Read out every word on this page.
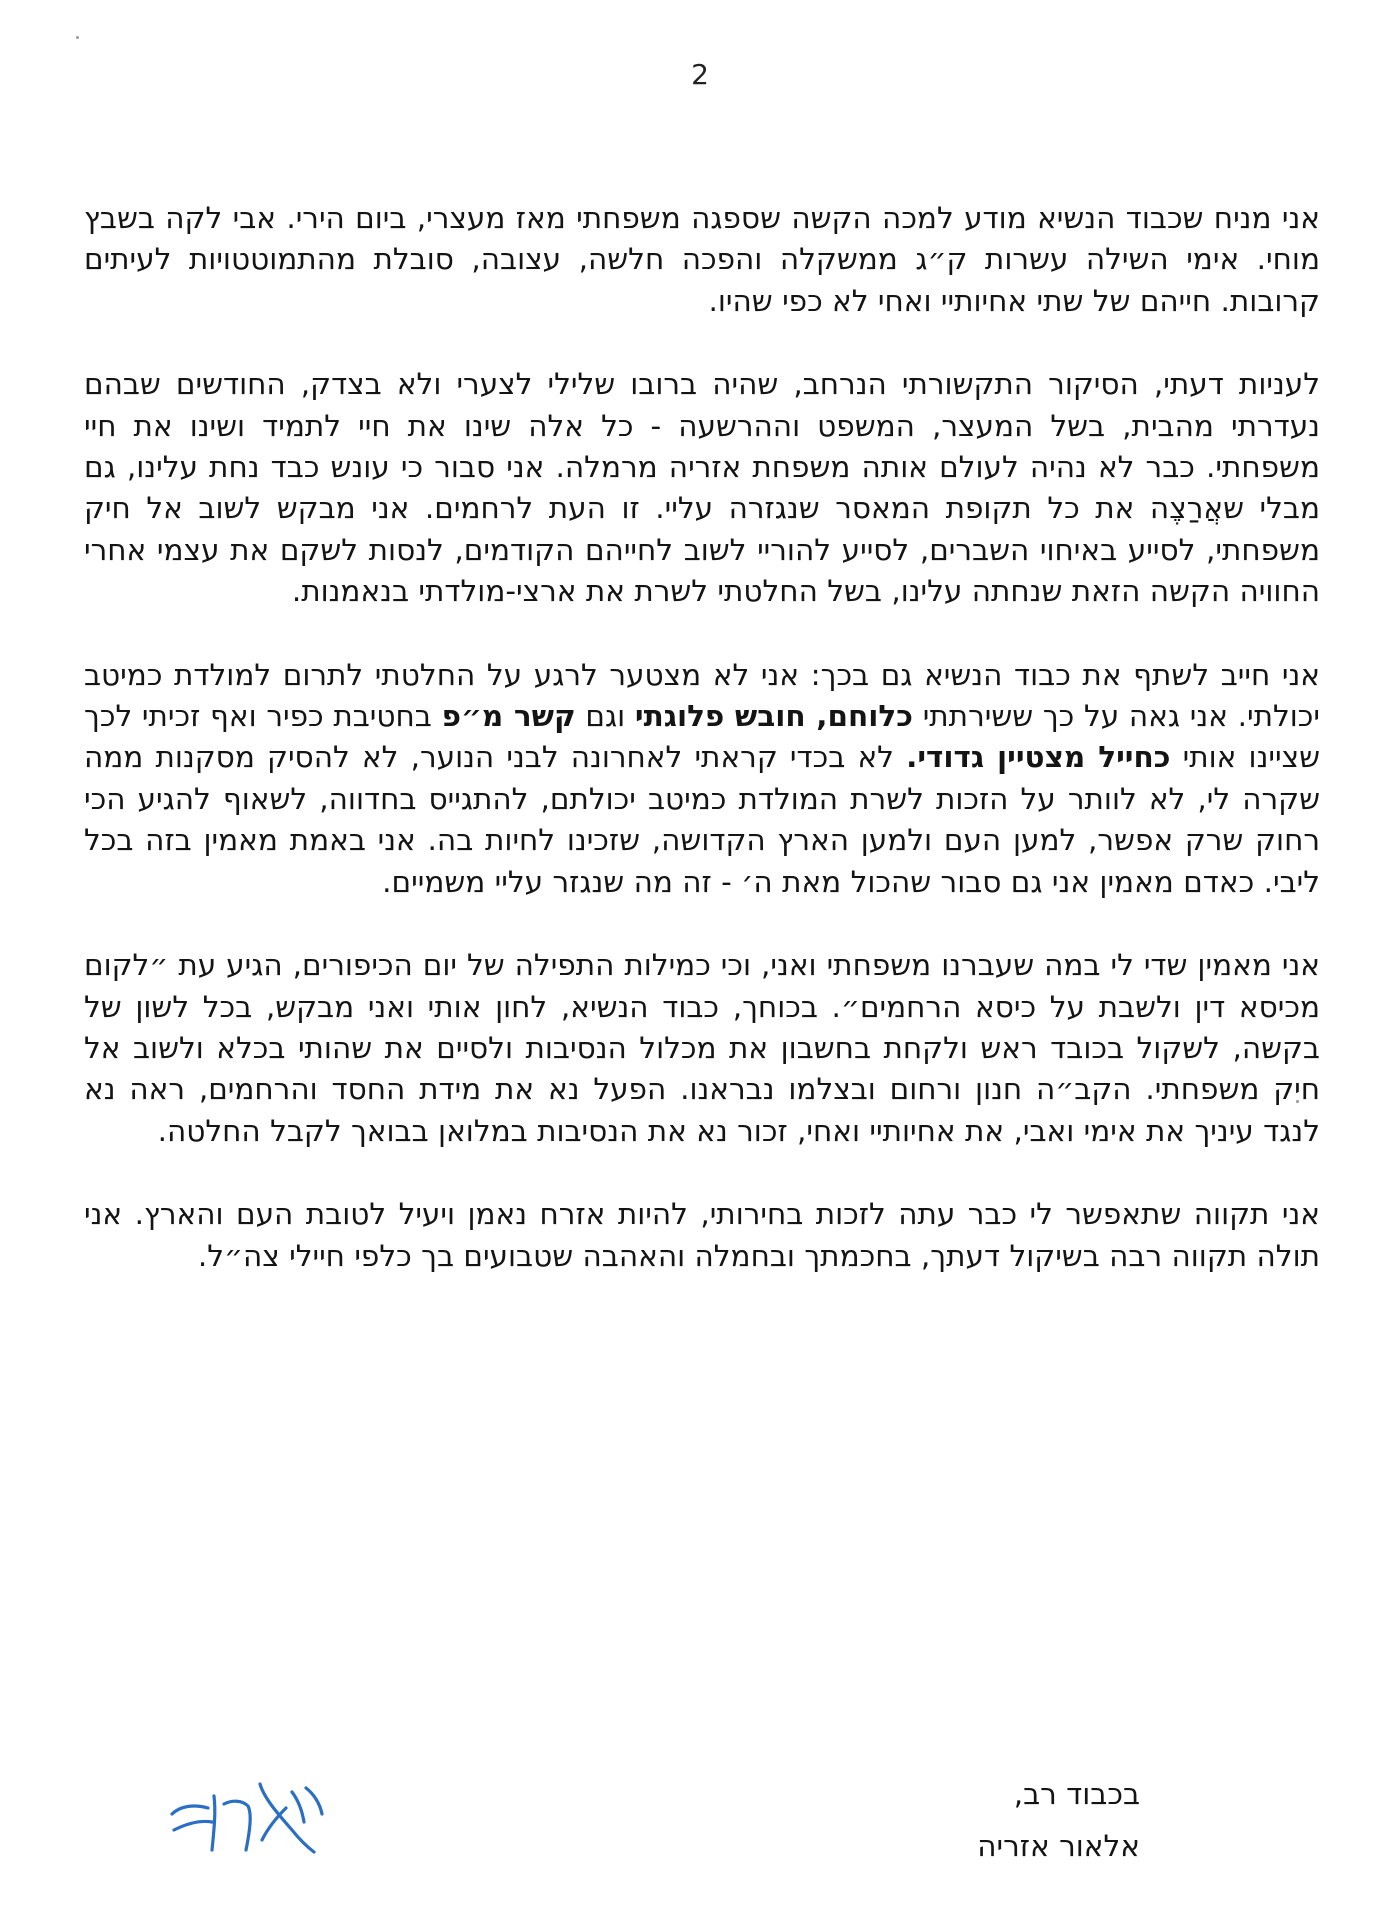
2

אני מניח שכבוד הנשיא מודע למכה הקשה שספגה משפחתי מאז מעצרי, ביום הירי. אבי לקה בשבץ מוחי. אימי השילה עשרות ק״ג ממשקלה והפכה חלשה, עצובה, סובלת מהתמוטטויות לעיתים קרובות. חייהם של שתי אחיותיי ואחי לא כפי שהיו.

לעניות דעתי, הסיקור התקשורתי הנרחב, שהיה ברובו שלילי לצערי ולא בצדק, החודשים שבהם נעדרתי מהבית, בשל המעצר, המשפט וההרשעה - כל אלה שינו את חיי לתמיד ושינו את חיי משפחתי. כבר לא נהיה לעולם אותה משפחת אזריה מרמלה. אני סבור כי עונש כבד נחת עלינו, גם מבלי שאֲרַצֶה את כל תקופת המאסר שנגזרה עליי. זו העת לרחמים. אני מבקש לשוב אל חיק משפחתי, לסייע באיחוי השברים, לסייע להוריי לשוב לחייהם הקודמים, לנסות לשקם את עצמי אחרי החוויה הקשה הזאת שנחתה עלינו, בשל החלטתי לשרת את ארצי-מולדתי בנאמנות.

אני חייב לשתף את כבוד הנשיא גם בכך: אני לא מצטער לרגע על החלטתי לתרום למולדת כמיטב יכולתי. אני גאה על כך ששירתתי כלוחם, חובש פלוגתי וגם קשר מ״פ בחטיבת כפיר ואף זכיתי לכך שציינו אותי כחייל מצטיין גדודי. לא בכדי קראתי לאחרונה לבני הנוער, לא להסיק מסקנות ממה שקרה לי, לא לוותר על הזכות לשרת המולדת כמיטב יכולתם, להתגייס בחדווה, לשאוף להגיע הכי רחוק שרק אפשר, למען העם ולמען הארץ הקדושה, שזכינו לחיות בה. אני באמת מאמין בזה בכל ליבי. כאדם מאמין אני גם סבור שהכול מאת ה׳ - זה מה שנגזר עליי משמיים.

אני מאמין שדי לי במה שעברנו משפחתי ואני, וכי כמילות התפילה של יום הכיפורים, הגיע עת ״לקום מכיסא דין ולשבת על כיסא הרחמים״. בכוחך, כבוד הנשיא, לחון אותי ואני מבקש, בכל לשון של בקשה, לשקול בכובד ראש ולקחת בחשבון את מכלול הנסיבות ולסיים את שהותי בכלא ולשוב אל חיק משפחתי. הקב״ה חנון ורחום ובצלמו נבראנו. הפעל נא את מידת החסד והרחמים, ראה נא לנגד עיניך את אימי ואבי, את אחיותיי ואחי, זכור נא את הנסיבות במלואן בבואך לקבל החלטה.

אני תקווה שתאפשר לי כבר עתה לזכות בחירותי, להיות אזרח נאמן ויעיל לטובת העם והארץ. אני תולה תקווה רבה בשיקול דעתך, בחכמתך ובחמלה והאהבה שטבועים בך כלפי חיילי צה״ל.

בכבוד רב,
אלאור אזריה
